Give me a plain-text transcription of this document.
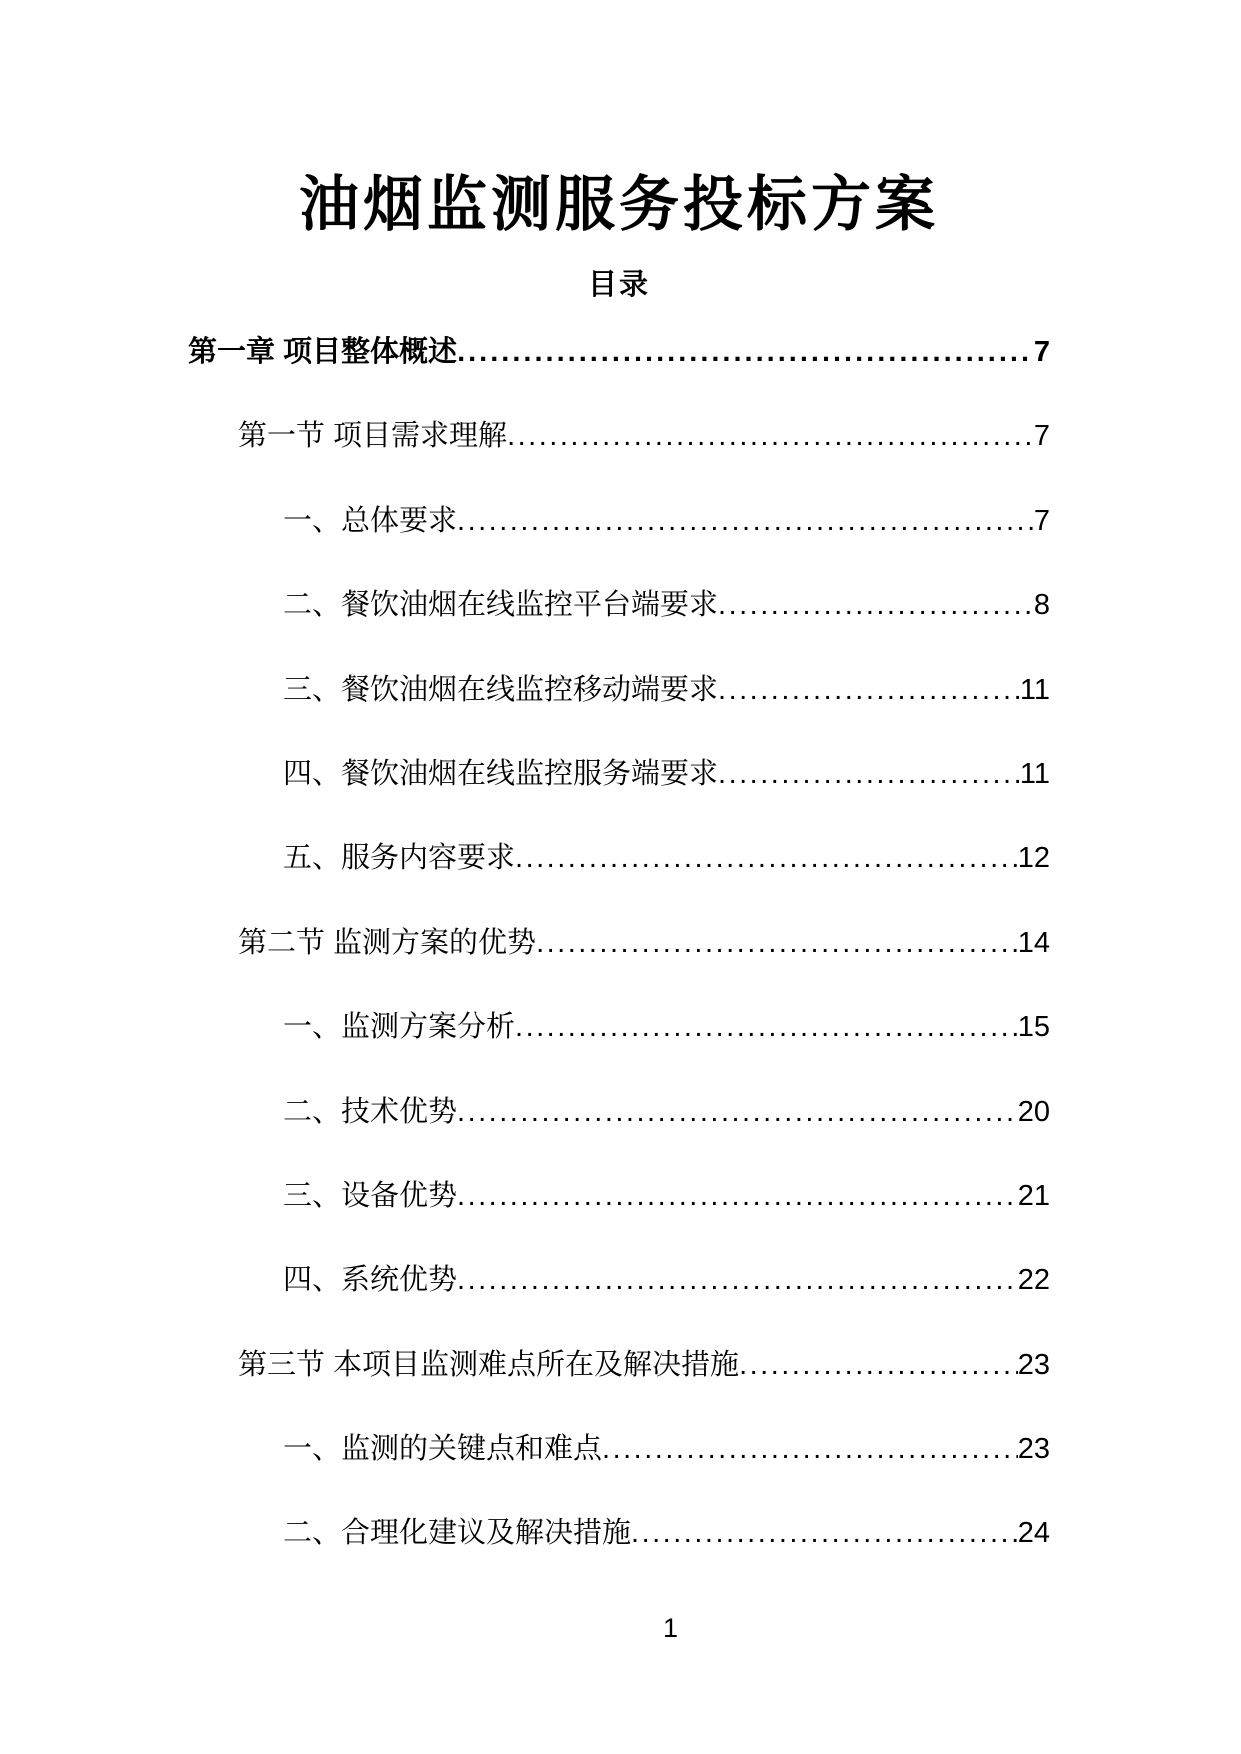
油烟监测服务投标方案
目录
第一章 项目整体概述 .....	7
第一节 项目需求理解 .....	7
一、总体要求 .....	7
二、餐饮油烟在线监控平台端要求 .....	8
三、餐饮油烟在线监控移动端要求 .....	11
四、餐饮油烟在线监控服务端要求 .....	11
五、服务内容要求 .....	12
第二节 监测方案的优势 .....	14
一、监测方案分析 .....	15
二、技术优势 .....	20
三、设备优势 .....	21
四、系统优势 .....	22
第三节 本项目监测难点所在及解决措施 .....	23
一、监测的关键点和难点 .....	23
二、合理化建议及解决措施 .....	24
1
